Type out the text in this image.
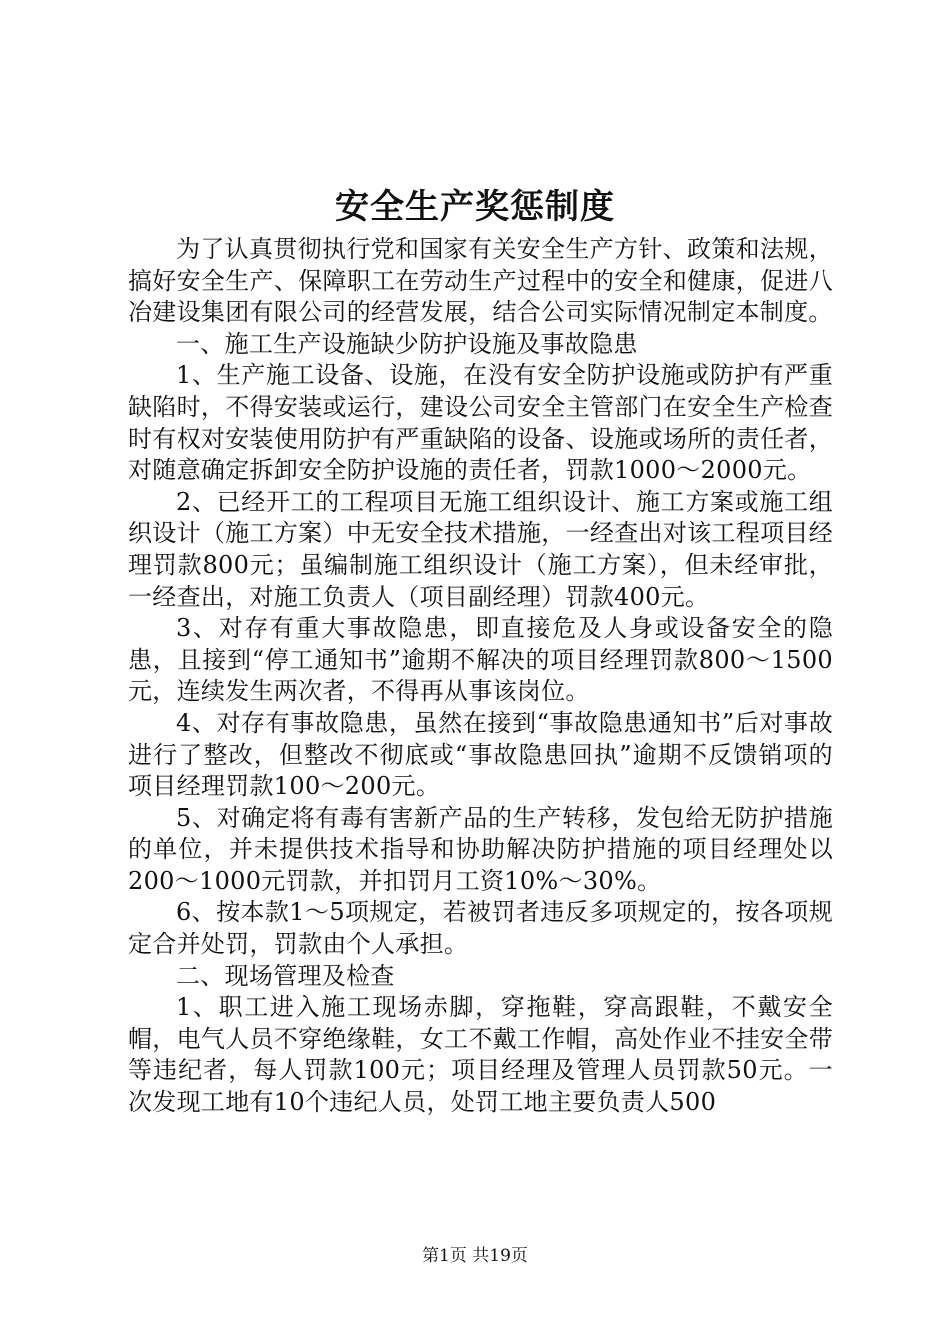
安全生产奖惩制度

为了认真贯彻执行党和国家有关安全生产方针、政策和法规，搞好安全生产、保障职工在劳动生产过程中的安全和健康，促进八冶建设集团有限公司的经营发展，结合公司实际情况制定本制度。

一、施工生产设施缺少防护设施及事故隐患

1、生产施工设备、设施，在没有安全防护设施或防护有严重缺陷时，不得安装或运行，建设公司安全主管部门在安全生产检查时有权对安装使用防护有严重缺陷的设备、设施或场所的责任者，对随意确定拆卸安全防护设施的责任者，罚款1000～2000元。

2、已经开工的工程项目无施工组织设计、施工方案或施工组织设计（施工方案）中无安全技术措施，一经查出对该工程项目经理罚款800元；虽编制施工组织设计（施工方案），但未经审批，一经查出，对施工负责人（项目副经理）罚款400元。

3、对存有重大事故隐患，即直接危及人身或设备安全的隐患，且接到“停工通知书”逾期不解决的项目经理罚款800～1500元，连续发生两次者，不得再从事该岗位。

4、对存有事故隐患，虽然在接到“事故隐患通知书”后对事故进行了整改，但整改不彻底或“事故隐患回执”逾期不反馈销项的项目经理罚款100～200元。

5、对确定将有毒有害新产品的生产转移，发包给无防护措施的单位，并未提供技术指导和协助解决防护措施的项目经理处以200～1000元罚款，并扣罚月工资10%～30%。

6、按本款1～5项规定，若被罚者违反多项规定的，按各项规定合并处罚，罚款由个人承担。

二、现场管理及检查

1、职工进入施工现场赤脚，穿拖鞋，穿高跟鞋，不戴安全帽，电气人员不穿绝缘鞋，女工不戴工作帽，高处作业不挂安全带等违纪者，每人罚款100元；项目经理及管理人员罚款50元。一次发现工地有10个违纪人员，处罚工地主要负责人500

第1页 共19页
